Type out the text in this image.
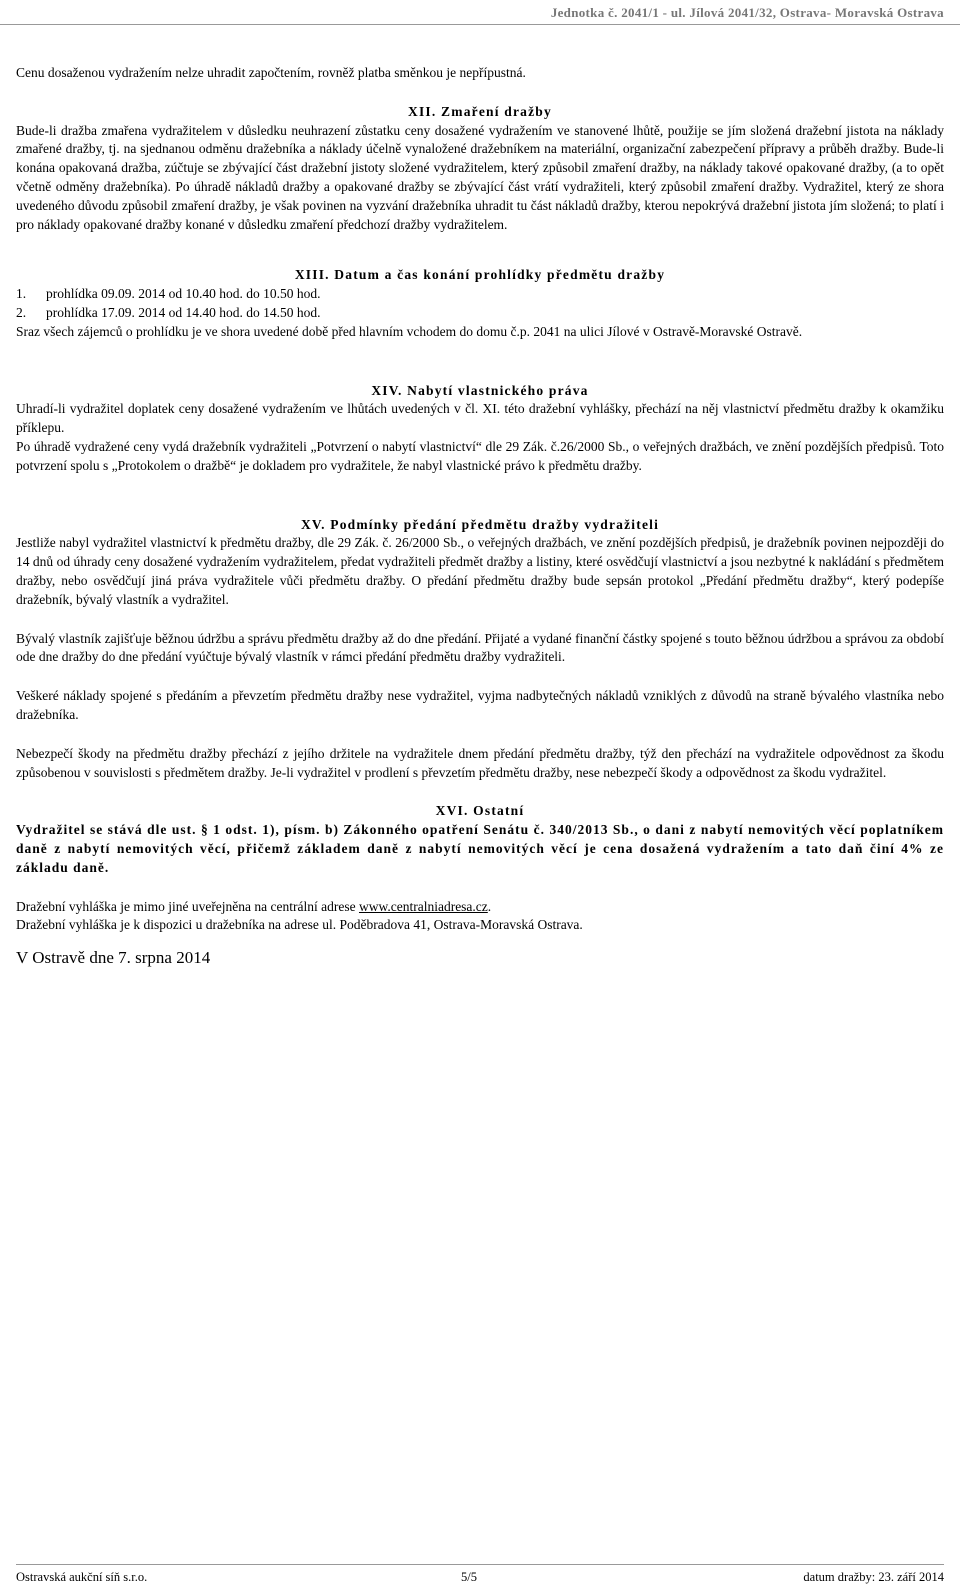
Jednotka č. 2041/1 - ul. Jílová 2041/32, Ostrava- Moravská Ostrava

Cenu dosaženou vydražením nelze uhradit započtením, rovněž platba směnkou je nepřípustná.

XII. Zmaření dražby

Bude-li dražba zmařena vydražitelem v důsledku neuhrazení zůstatku ceny dosažené vydražením ve stanovené lhůtě, použije se jím složená dražební jistota na náklady zmařené dražby, tj. na sjednanou odměnu dražebníka a náklady účelně vynaložené dražebníkem na materiální, organizační zabezpečení přípravy a průběh dražby. Bude-li konána opakovaná dražba, zúčtuje se zbývající část dražební jistoty složené vydražitelem, který způsobil zmaření dražby, na náklady takové opakované dražby, (a to opět včetně odměny dražebníka). Po úhradě nákladů dražby a opakované dražby se zbývající část vrátí vydražiteli, který způsobil zmaření dražby. Vydražitel, který ze shora uvedeného důvodu způsobil zmaření dražby, je však povinen na vyzvání dražebníka uhradit tu část nákladů dražby, kterou nepokrývá dražební jistota jím složená; to platí i pro náklady opakované dražby konané v důsledku zmaření předchozí dražby vydražitelem.

XIII. Datum a čas konání prohlídky předmětu dražby
1. prohlídka 09.09. 2014 od 10.40 hod. do 10.50 hod.
2. prohlídka 17.09. 2014 od 14.40 hod. do 14.50 hod.

Sraz všech zájemců o prohlídku je ve shora uvedené době před hlavním vchodem do domu č.p. 2041 na ulici Jílové v Ostravě-Moravské Ostravě.

XIV. Nabytí vlastnického práva

Uhradí-li vydražitel doplatek ceny dosažené vydražením ve lhůtách uvedených v čl. XI. této dražební vyhlášky, přechází na něj vlastnictví předmětu dražby k okamžiku příklepu.

Po úhradě vydražené ceny vydá dražebník vydražiteli „Potvrzení o nabytí vlastnictví“ dle 29 Zák. č.26/2000 Sb., o veřejných dražbách, ve znění pozdějších předpisů. Toto potvrzení spolu s „Protokolem o dražbě“ je dokladem pro vydražitele, že nabyl vlastnické právo k předmětu dražby.

XV. Podmínky předání předmětu dražby vydražiteli

Jestliže nabyl vydražitel vlastnictví k předmětu dražby, dle 29 Zák. č. 26/2000 Sb., o veřejných dražbách, ve znění pozdějších předpisů, je dražebník povinen nejpozději do 14 dnů od úhrady ceny dosažené vydražením vydražitelem, předat vydražiteli předmět dražby a listiny, které osvědčují vlastnictví a jsou nezbytné k nakládání s předmětem dražby, nebo osvědčují jiná práva vydražitele vůči předmětu dražby. O předání předmětu dražby bude sepsán protokol „Předání předmětu dražby“, který podepíše dražebník, bývalý vlastník a vydražitel.

Bývalý vlastník zajišťuje běžnou údržbu a správu předmětu dražby až do dne předání. Přijaté a vydané finanční částky spojené s touto běžnou údržbou a správou za období ode dne dražby do dne předání vyúčtuje bývalý vlastník v rámci předání předmětu dražby vydražiteli.

Veškeré náklady spojené s předáním a převzetím předmětu dražby nese vydražitel, vyjma nadbytečných nákladů vzniklých z důvodů na straně bývalého vlastníka nebo dražebníka.

Nebezpečí škody na předmětu dražby přechází z jejího držitele na vydražitele dnem předání předmětu dražby, týž den přechází na vydražitele odpovědnost za škodu způsobenou v souvislosti s předmětem dražby. Je-li vydražitel v prodlení s převzetím předmětu dražby, nese nebezpečí škody a odpovědnost za škodu vydražitel.

XVI. Ostatní

Vydražitel se stává dle ust. § 1 odst. 1), písm. b) Zákonného opatření Senátu č. 340/2013 Sb., o dani z nabytí nemovitých věcí poplatníkem daně z nabytí nemovitých věcí, přičemž základem daně z nabytí nemovitých věcí je cena dosažená vydražením a tato daň činí 4% ze základu daně.

Dražební vyhláška je mimo jiné uveřejněna na centrální adrese www.centralniadresa.cz.

Dražební vyhláška je k dispozici u dražebníka na adrese ul. Poděbradova 41, Ostrava-Moravská Ostrava.

V Ostravě dne 7. srpna 2014
Ostravská aukční síň s.r.o.	5/5	datum dražby: 23. září 2014
